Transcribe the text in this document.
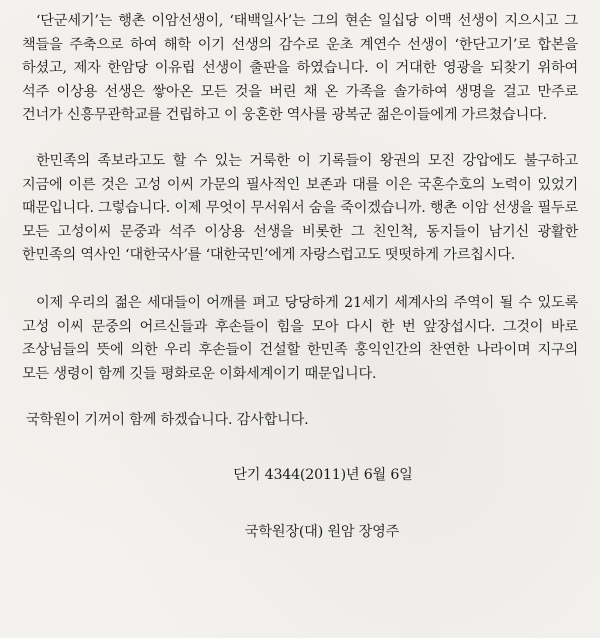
‘단군세기’는 행촌 이암선생이, ‘태백일사’는 그의 현손 일십당 이맥 선생이 지으시고 그 책들을 주축으로 하여 해학 이기 선생의 감수로 운초 계연수 선생이 ‘한단고기’로 합본을 하셨고, 제자 한암당 이유립 선생이 출판을 하였습니다. 이 거대한 영광을 되찾기 위하여 석주 이상용 선생은 쌓아온 모든 것을 버린 채 온 가족을 솔가하여 생명을 걸고 만주로 건너가 신흥무관학교를 건립하고 이 웅혼한 역사를 광복군 젊은이들에게 가르쳤습니다.

한민족의 족보라고도 할 수 있는 거룩한 이 기록들이 왕권의 모진 강압에도 불구하고 지금에 이른 것은 고성 이씨 가문의 필사적인 보존과 대를 이은 국혼수호의 노력이 있었기 때문입니다. 그렇습니다. 이제 무엇이 무서워서 숨을 죽이겠습니까. 행촌 이암 선생을 필두로 모든 고성이씨 문중과 석주 이상용 선생을 비롯한 그 친인척, 동지들이 남기신 광활한 한민족의 역사인 ‘대한국사’를 ‘대한국민’에게 자랑스럽고도 떳떳하게 가르칩시다.

이제 우리의 젊은 세대들이 어깨를 펴고 당당하게 21세기 세계사의 주역이 될 수 있도록 고성 이씨 문중의 어르신들과 후손들이 힘을 모아 다시 한 번 앞장섭시다. 그것이 바로 조상님들의 뜻에 의한 우리 후손들이 건설할 한민족 홍익인간의 찬연한 나라이며 지구의 모든 생령이 함께 깃들 평화로운 이화세계이기 때문입니다.

국학원이 기꺼이 함께 하겠습니다. 감사합니다.

단기 4344(2011)년 6월 6일
국학원장(대) 원암 장영주
